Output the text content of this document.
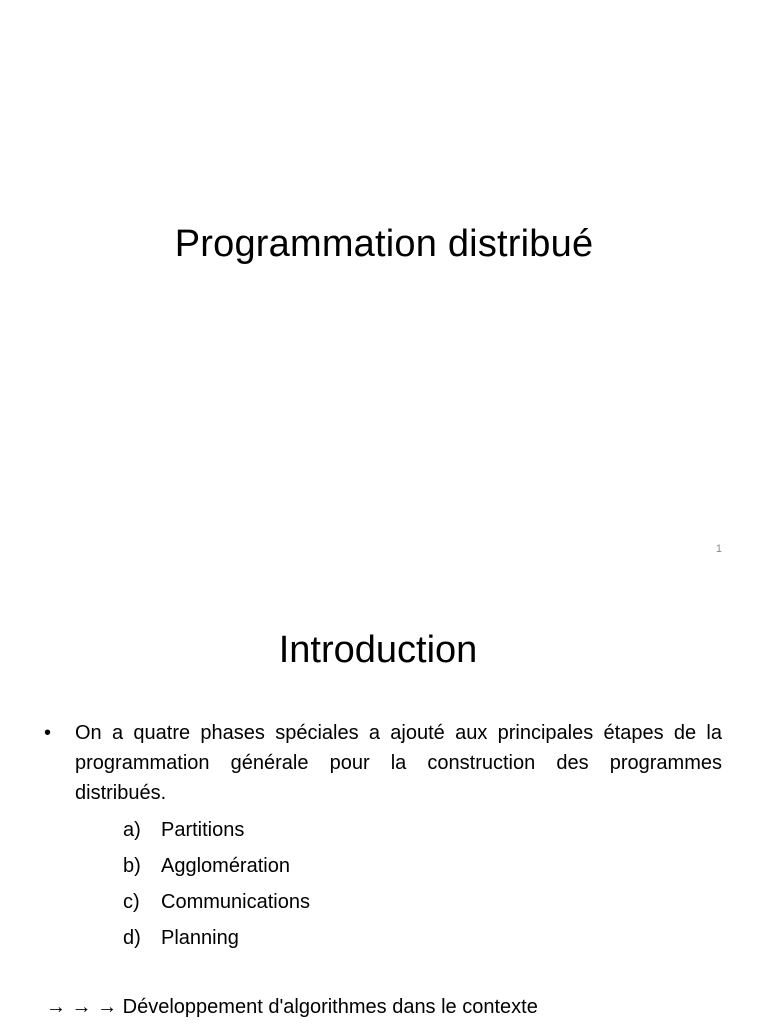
Programmation distribué
1
Introduction
•	On a quatre phases spéciales a ajouté aux principales étapes de la programmation générale pour la construction des programmes distribués.
a)	Partitions
b)	Agglomération
c)	Communications
d)	Planning
→ → → Développement d'algorithmes dans le contexte
